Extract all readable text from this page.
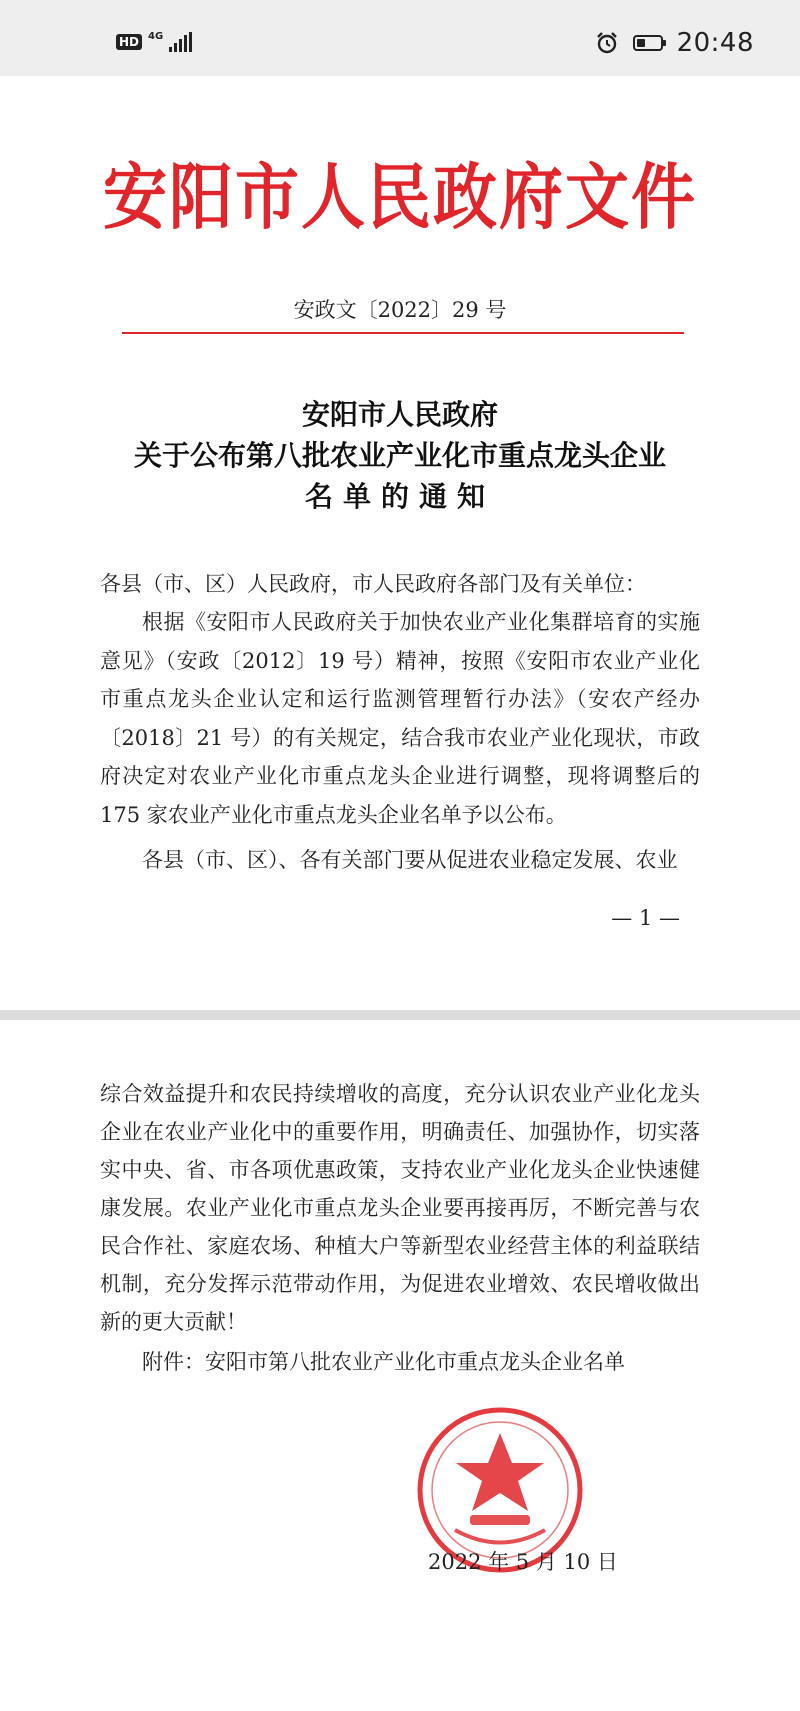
HD 4G	20:48
安阳市人民政府文件
安政文〔2022〕29 号
安阳市人民政府
关于公布第八批农业产业化市重点龙头企业
名单的通知
各县（市、区）人民政府，市人民政府各部门及有关单位：
根据《安阳市人民政府关于加快农业产业化集群培育的实施意见》（安政〔2012〕19 号）精神，按照《安阳市农业产业化市重点龙头企业认定和运行监测管理暂行办法》（安农产经办〔2018〕21 号）的有关规定，结合我市农业产业化现状，市政府决定对农业产业化市重点龙头企业进行调整，现将调整后的175 家农业产业化市重点龙头企业名单予以公布。
各县（市、区）、各有关部门要从促进农业稳定发展、农业
— 1 —
综合效益提升和农民持续增收的高度，充分认识农业产业化龙头企业在农业产业化中的重要作用，明确责任、加强协作，切实落实中央、省、市各项优惠政策，支持农业产业化龙头企业快速健康发展。农业产业化市重点龙头企业要再接再厉，不断完善与农民合作社、家庭农场、种植大户等新型农业经营主体的利益联结机制，充分发挥示范带动作用，为促进农业增效、农民增收做出新的更大贡献！
附件：安阳市第八批农业产业化市重点龙头企业名单
2022 年 5 月 10 日
